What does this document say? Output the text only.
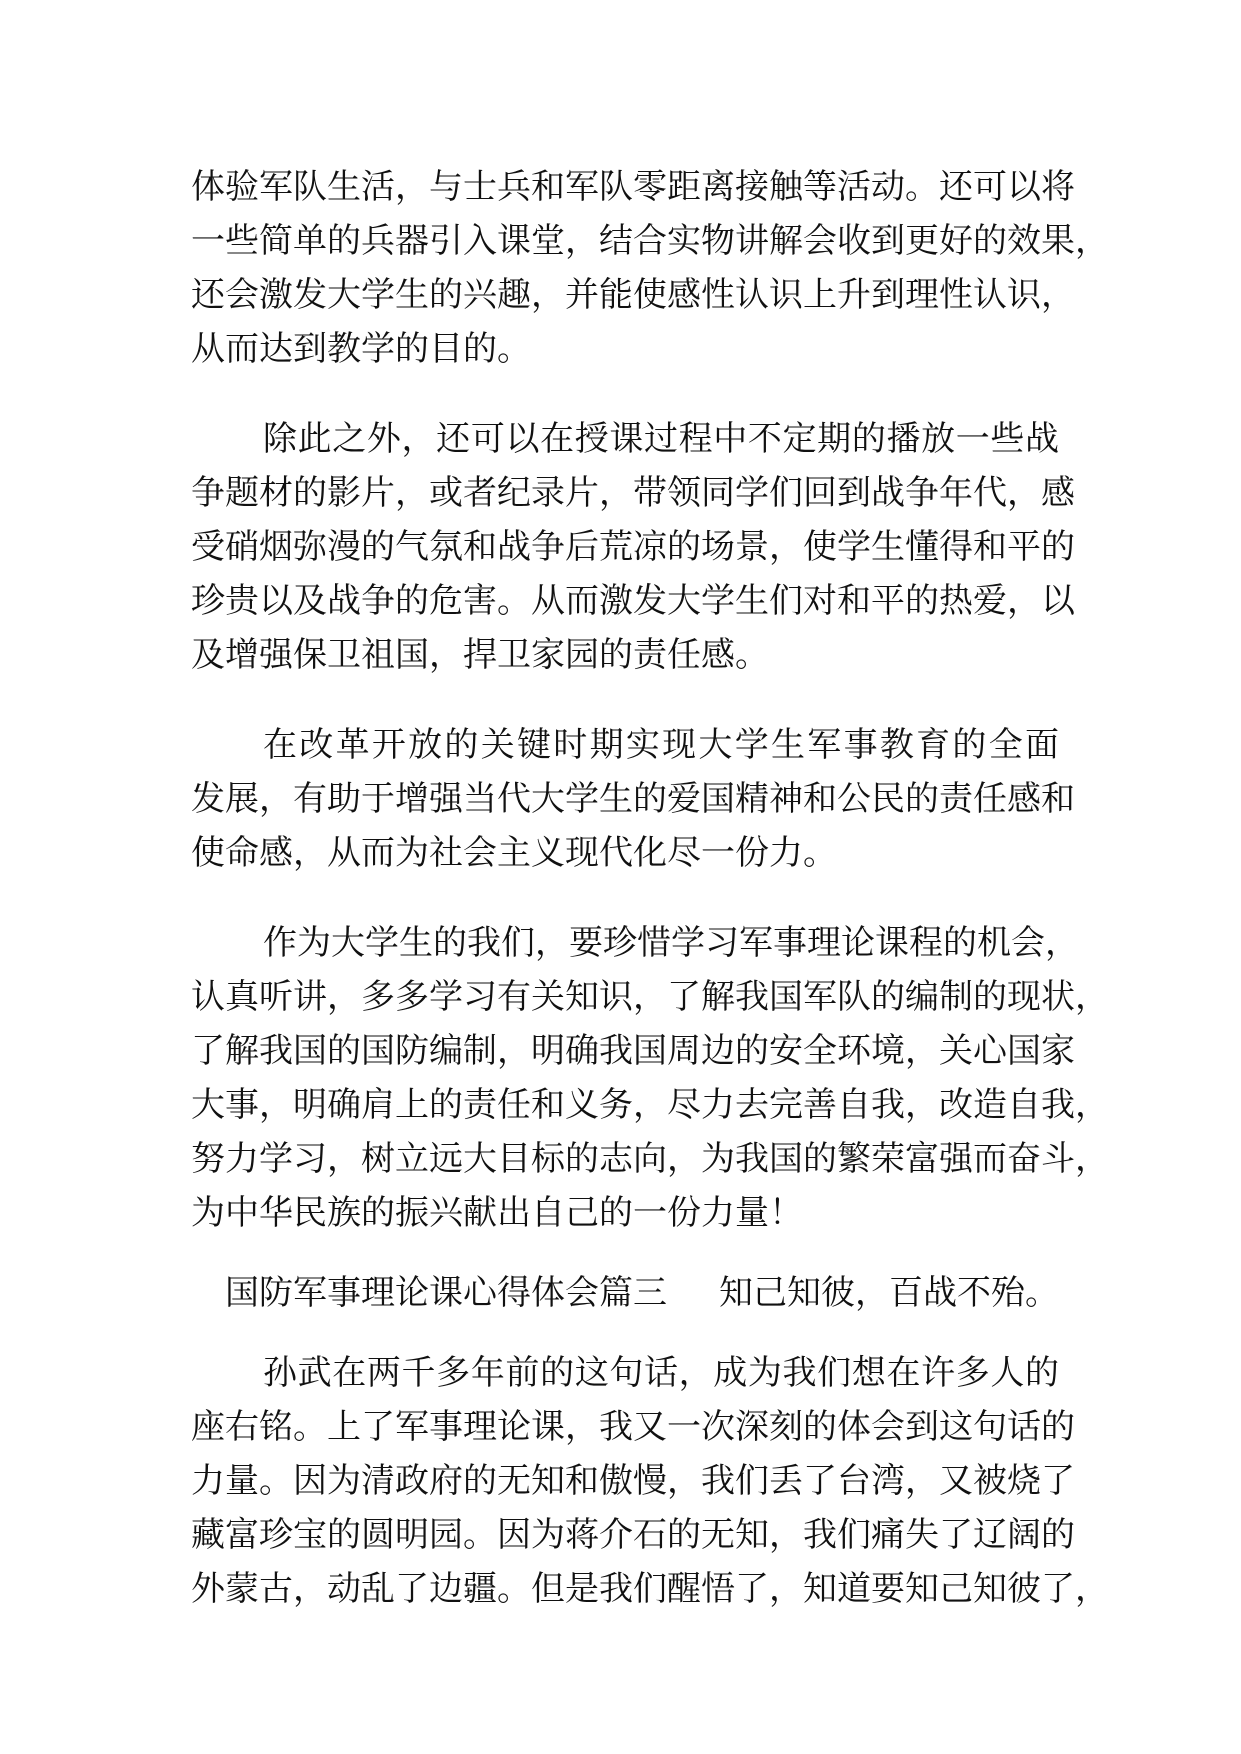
体验军队生活，与士兵和军队零距离接触等活动。还可以将
一些简单的兵器引入课堂，结合实物讲解会收到更好的效果，
还会激发大学生的兴趣，并能使感性认识上升到理性认识，
从而达到教学的目的。
除此之外，还可以在授课过程中不定期的播放一些战
争题材的影片，或者纪录片，带领同学们回到战争年代，感
受硝烟弥漫的气氛和战争后荒凉的场景，使学生懂得和平的
珍贵以及战争的危害。从而激发大学生们对和平的热爱，以
及增强保卫祖国，捍卫家园的责任感。
在改革开放的关键时期实现大学生军事教育的全面
发展，有助于增强当代大学生的爱国精神和公民的责任感和
使命感，从而为社会主义现代化尽一份力。
作为大学生的我们，要珍惜学习军事理论课程的机会，
认真听讲，多多学习有关知识，了解我国军队的编制的现状，
了解我国的国防编制，明确我国周边的安全环境，关心国家
大事，明确肩上的责任和义务，尽力去完善自我，改造自我，
努力学习，树立远大目标的志向，为我国的繁荣富强而奋斗，
为中华民族的振兴献出自己的一份力量！
国防军事理论课心得体会篇三 知己知彼，百战不殆。
孙武在两千多年前的这句话，成为我们想在许多人的
座右铭。上了军事理论课，我又一次深刻的体会到这句话的
力量。因为清政府的无知和傲慢，我们丢了台湾，又被烧了
藏富珍宝的圆明园。因为蒋介石的无知，我们痛失了辽阔的
外蒙古，动乱了边疆。但是我们醒悟了，知道要知己知彼了，
